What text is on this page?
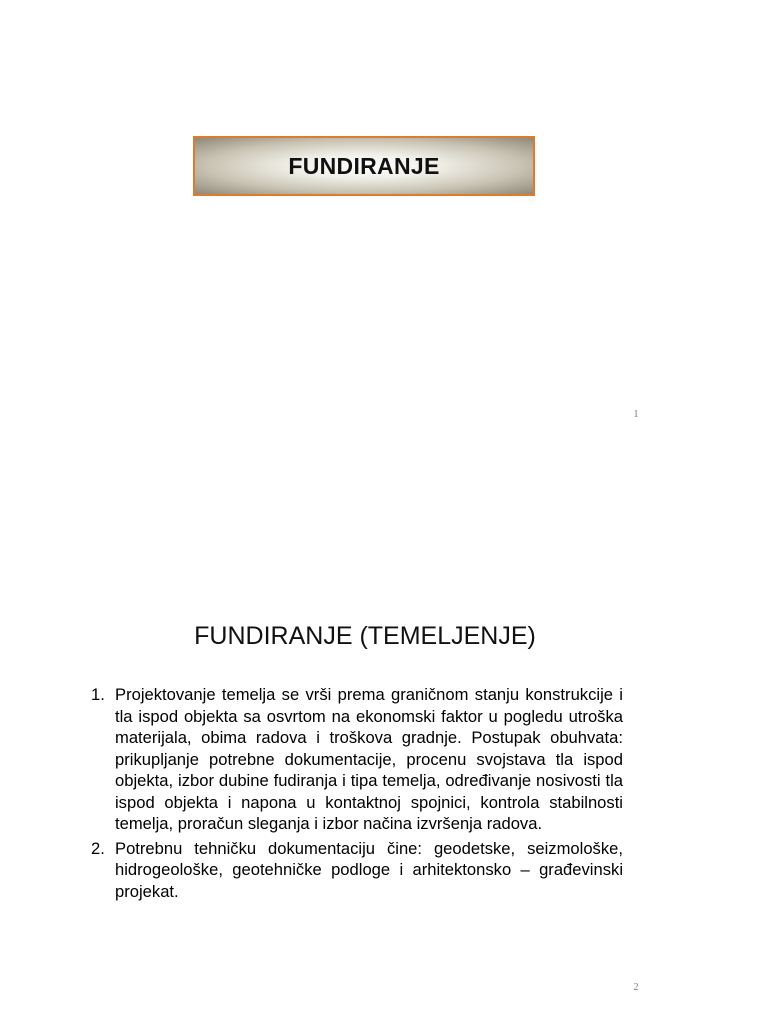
FUNDIRANJE
1
FUNDIRANJE (TEMELJENJE)
1. Projektovanje temelja se vrši prema graničnom stanju konstrukcije i tla ispod objekta sa osvrtom na ekonomski faktor u pogledu utroška materijala, obima radova i troškova gradnje. Postupak obuhvata: prikupljanje potrebne dokumentacije, procenu svojstava tla ispod objekta, izbor dubine fudiranja i tipa temelja, određivanje nosivosti tla ispod objekta i napona u kontaktnoj spojnici, kontrola stabilnosti temelja, proračun sleganja i izbor načina izvršenja radova.
2. Potrebnu tehničku dokumentaciju čine: geodetske, seizmološke, hidrogeološke, geotehničke podloge i arhitektonsko – građevinski projekat.
2
